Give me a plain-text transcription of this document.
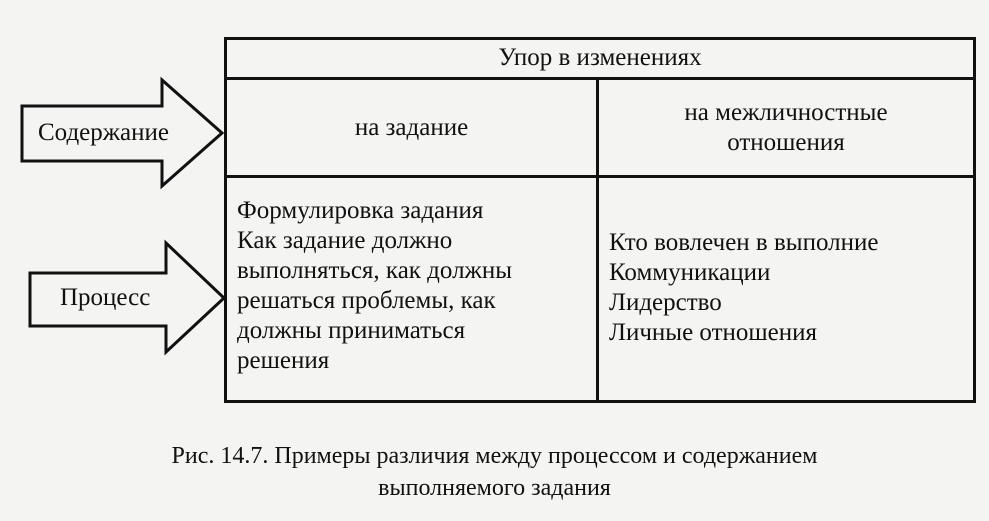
Содержание
Процесс
Упор в изменениях
на задание
на межличностные
отношения
Формулировка задания
Как задание должно
выполняться, как должны
решаться проблемы, как
должны приниматься
решения
Кто вовлечен в выполние
Коммуникации
Лидерство
Личные отношения
Рис. 14.7. Примеры различия между процессом и содержанием
выполняемого задания
